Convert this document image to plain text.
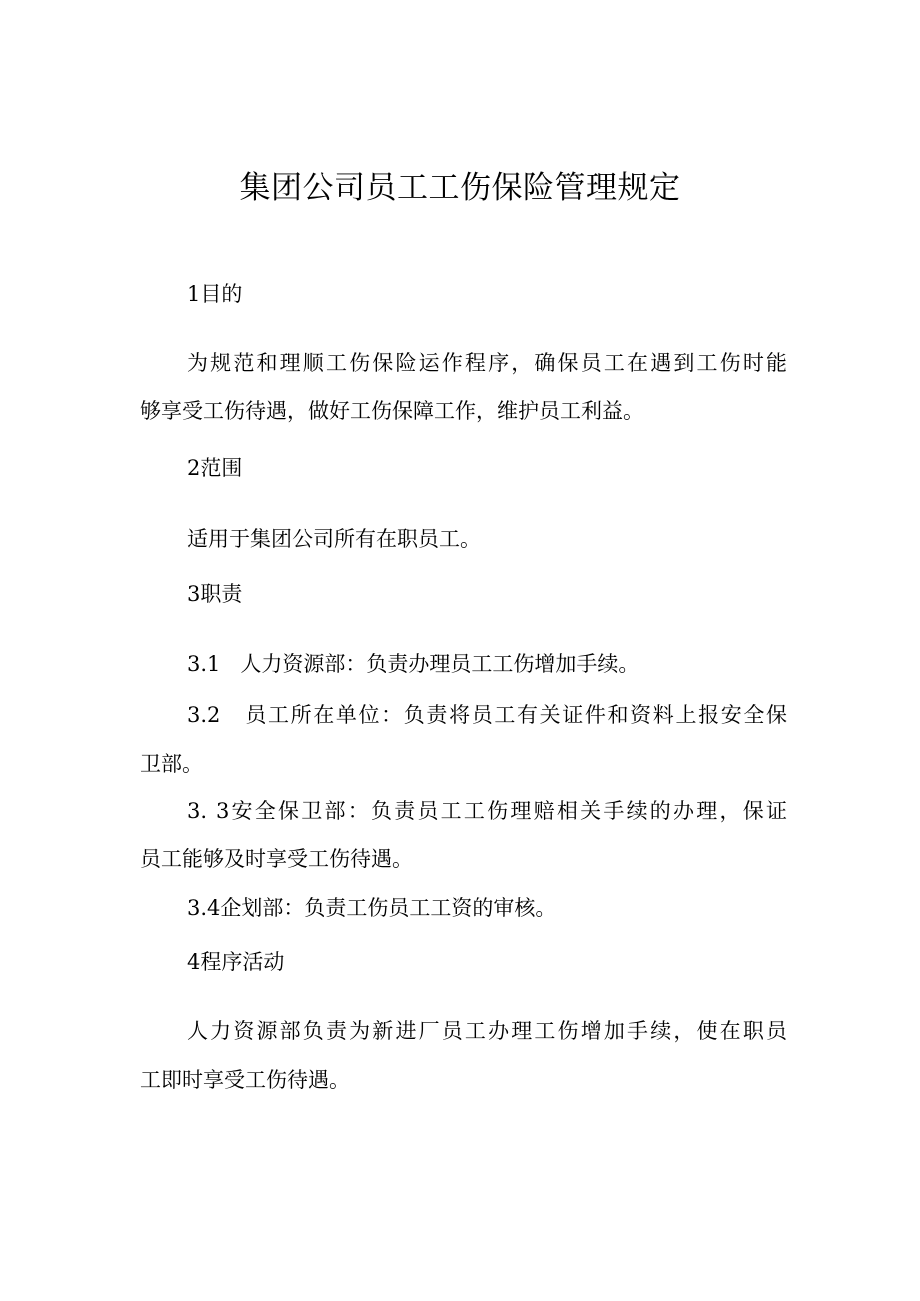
集团公司员工工伤保险管理规定
1目的
为规范和理顺工伤保险运作程序，确保员工在遇到工伤时能
够享受工伤待遇，做好工伤保障工作，维护员工利益。
2范围
适用于集团公司所有在职员工。
3职责
3.1   人力资源部：负责办理员工工伤增加手续。
3.2   员工所在单位：负责将员工有关证件和资料上报安全保
卫部。
3. 3安全保卫部：负责员工工伤理赔相关手续的办理，保证
员工能够及时享受工伤待遇。
3.4企划部：负责工伤员工工资的审核。
4程序活动
人力资源部负责为新进厂员工办理工伤增加手续，使在职员
工即时享受工伤待遇。
